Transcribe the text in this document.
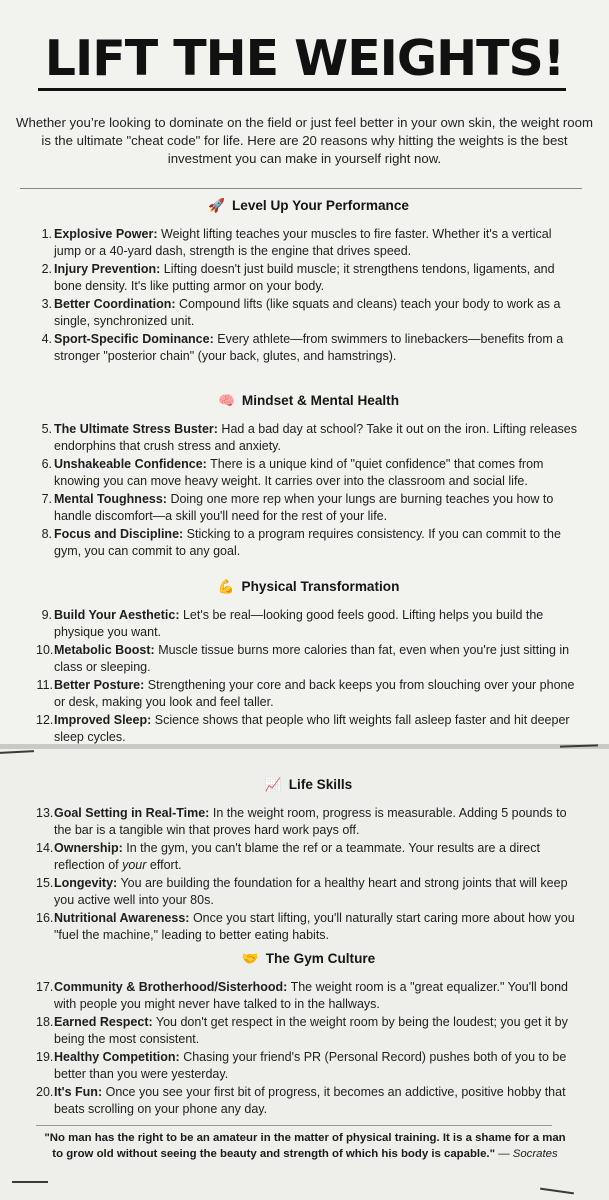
LIFT THE WEIGHTS!
Whether you’re looking to dominate on the field or just feel better in your own skin, the weight room is the ultimate "cheat code" for life. Here are 20 reasons why hitting the weights is the best investment you can make in yourself right now.
🚀 Level Up Your Performance
1. Explosive Power: Weight lifting teaches your muscles to fire faster. Whether it's a vertical jump or a 40-yard dash, strength is the engine that drives speed.
2. Injury Prevention: Lifting doesn't just build muscle; it strengthens tendons, ligaments, and bone density. It's like putting armor on your body.
3. Better Coordination: Compound lifts (like squats and cleans) teach your body to work as a single, synchronized unit.
4. Sport-Specific Dominance: Every athlete—from swimmers to linebackers—benefits from a stronger "posterior chain" (your back, glutes, and hamstrings).
🧠 Mindset & Mental Health
5. The Ultimate Stress Buster: Had a bad day at school? Take it out on the iron. Lifting releases endorphins that crush stress and anxiety.
6. Unshakeable Confidence: There is a unique kind of "quiet confidence" that comes from knowing you can move heavy weight. It carries over into the classroom and social life.
7. Mental Toughness: Doing one more rep when your lungs are burning teaches you how to handle discomfort—a skill you'll need for the rest of your life.
8. Focus and Discipline: Sticking to a program requires consistency. If you can commit to the gym, you can commit to any goal.
💪 Physical Transformation
9. Build Your Aesthetic: Let's be real—looking good feels good. Lifting helps you build the physique you want.
10. Metabolic Boost: Muscle tissue burns more calories than fat, even when you're just sitting in class or sleeping.
11. Better Posture: Strengthening your core and back keeps you from slouching over your phone or desk, making you look and feel taller.
12. Improved Sleep: Science shows that people who lift weights fall asleep faster and hit deeper sleep cycles.
📈 Life Skills
13. Goal Setting in Real-Time: In the weight room, progress is measurable. Adding 5 pounds to the bar is a tangible win that proves hard work pays off.
14. Ownership: In the gym, you can't blame the ref or a teammate. Your results are a direct reflection of your effort.
15. Longevity: You are building the foundation for a healthy heart and strong joints that will keep you active well into your 80s.
16. Nutritional Awareness: Once you start lifting, you'll naturally start caring more about how you "fuel the machine," leading to better eating habits.
🤝 The Gym Culture
17. Community & Brotherhood/Sisterhood: The weight room is a "great equalizer." You'll bond with people you might never have talked to in the hallways.
18. Earned Respect: You don't get respect in the weight room by being the loudest; you get it by being the most consistent.
19. Healthy Competition: Chasing your friend's PR (Personal Record) pushes both of you to be better than you were yesterday.
20. It's Fun: Once you see your first bit of progress, it becomes an addictive, positive hobby that beats scrolling on your phone any day.
"No man has the right to be an amateur in the matter of physical training. It is a shame for a man to grow old without seeing the beauty and strength of which his body is capable." — Socrates
